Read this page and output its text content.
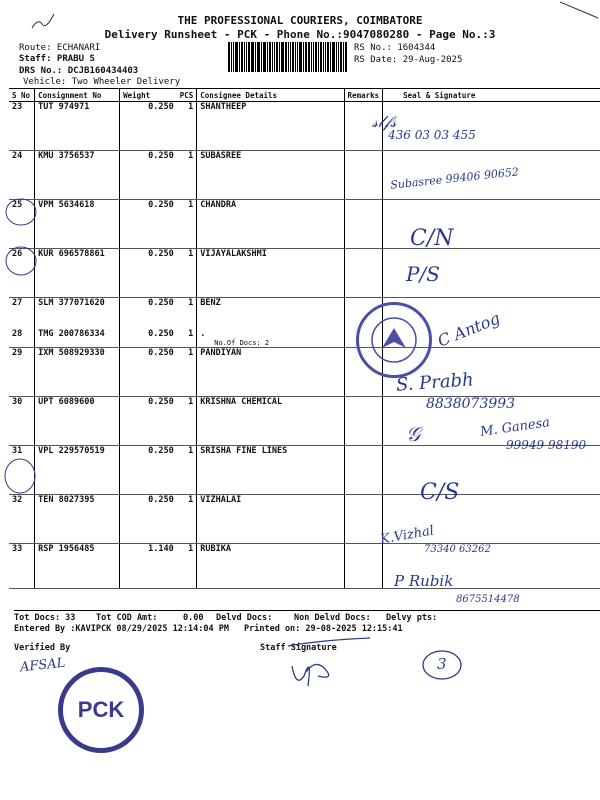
THE PROFESSIONAL COURIERS, COIMBATORE
Delivery Runsheet - PCK - Phone No.:9047080280 - Page No.:3
Route: ECHANARI
Staff: PRABU S
DRS No.: DCJB160434403
Vehicle: Two Wheeler Delivery
RS No.: 1604344
RS Date: 29-Aug-2025
S No	Consignment No	Weight	PCS	Consignee Details	Remarks	Seal & Signature
23	TUT 974971	0.250	1	SHANTHEEP		
24	KMU 3756537	0.250	1	SUBASREE		
25	VPM 5634618	0.250	1	CHANDRA		
26	KUR 696578861	0.250	1	VIJAYALAKSHMI		
27	SLM 377071620	0.250	1	BENZ		
28	TMG 200786334	0.250	1	.
No.Of Docs: 2		

29	IXM 508929330	0.250	1	PANDIYAN		
30	UPT 6089600	0.250	1	KRISHNA CHEMICAL		
31	VPL 229570519	0.250	1	SRISHA FINE LINES		
32	TEN 8027395	0.250	1	VIZHALAI		
33	RSP 1956485	1.140	1	RUBIKA		
𝓈𝓁𝒻𝓈
436 03 03 455
Subasree 99406 90652
C/N
P/S
C Antog
S. Prabh
8838073993
𝒢	M. Ganesa
99949 98190
C/S
K.Vizhal
73340 63262
P Rubik
8675514478
Tot Docs: 33 Tot COD Amt:     0.00 Delvd Docs:	Non Delvd Docs: Delvy pts:
Entered By :KAVIPCK 08/29/2025 12:14:04 PM Printed on: 29-08-2025 12:15:41
Verified By	Staff Signature
AFSAL
PCK
3
